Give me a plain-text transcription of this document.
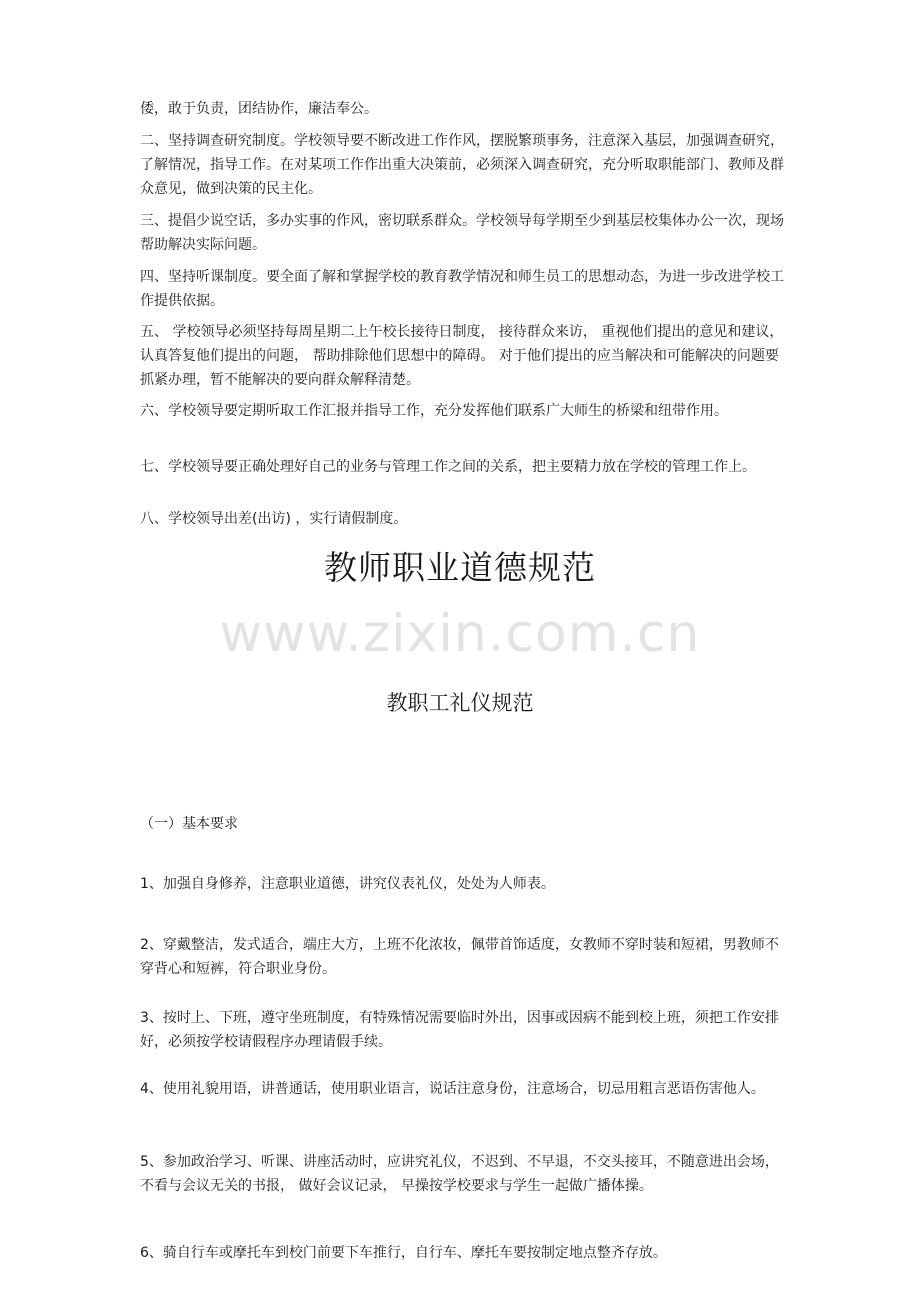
倭，敢于负责，团结协作，廉洁奉公。

二、坚持调查研究制度。学校领导要不断改进工作作风，摆脱繁琐事务，注意深入基层，加强调查研究，了解情况，指导工作。在对某项工作作出重大决策前，必须深入调查研究，充分听取职能部门、教师及群众意见，做到决策的民主化。

三、提倡少说空话，多办实事的作风，密切联系群众。学校领导每学期至少到基层校集体办公一次，现场帮助解决实际问题。

四、坚持听课制度。要全面了解和掌握学校的教育教学情况和师生员工的思想动态，为进一步改进学校工作提供依据。

五、 学校领导必须坚持每周星期二上午校长接待日制度， 接待群众来访， 重视他们提出的意见和建议， 认真答复他们提出的问题， 帮助排除他们思想中的障碍。 对于他们提出的应当解决和可能解决的问题要抓紧办理，暂不能解决的要向群众解释清楚。

六、学校领导要定期听取工作汇报并指导工作，充分发挥他们联系广大师生的桥梁和纽带作用。

七、学校领导要正确处理好自己的业务与管理工作之间的关系，把主要精力放在学校的管理工作上。

八、学校领导出差(出访) ，实行请假制度。

教师职业道德规范
www.zixin.com.cn
教职工礼仪规范

（一）基本要求

1、加强自身修养，注意职业道德，讲究仪表礼仪，处处为人师表。

2、穿戴整洁，发式适合，端庄大方，上班不化浓妆，佩带首饰适度，女教师不穿时装和短裙，男教师不穿背心和短裤，符合职业身份。

3、按时上、下班，遵守坐班制度，有特殊情况需要临时外出，因事或因病不能到校上班，须把工作安排好，必须按学校请假程序办理请假手续。

4、使用礼貌用语，讲普通话，使用职业语言，说话注意身份，注意场合，切忌用粗言恶语伤害他人。

5、参加政治学习、听课、讲座活动时，应讲究礼仪，不迟到、不早退，不交头接耳，不随意进出会场， 不看与会议无关的书报， 做好会议记录， 早操按学校要求与学生一起做广播体操。

6、骑自行车或摩托车到校门前要下车推行，自行车、摩托车要按制定地点整齐存放。
